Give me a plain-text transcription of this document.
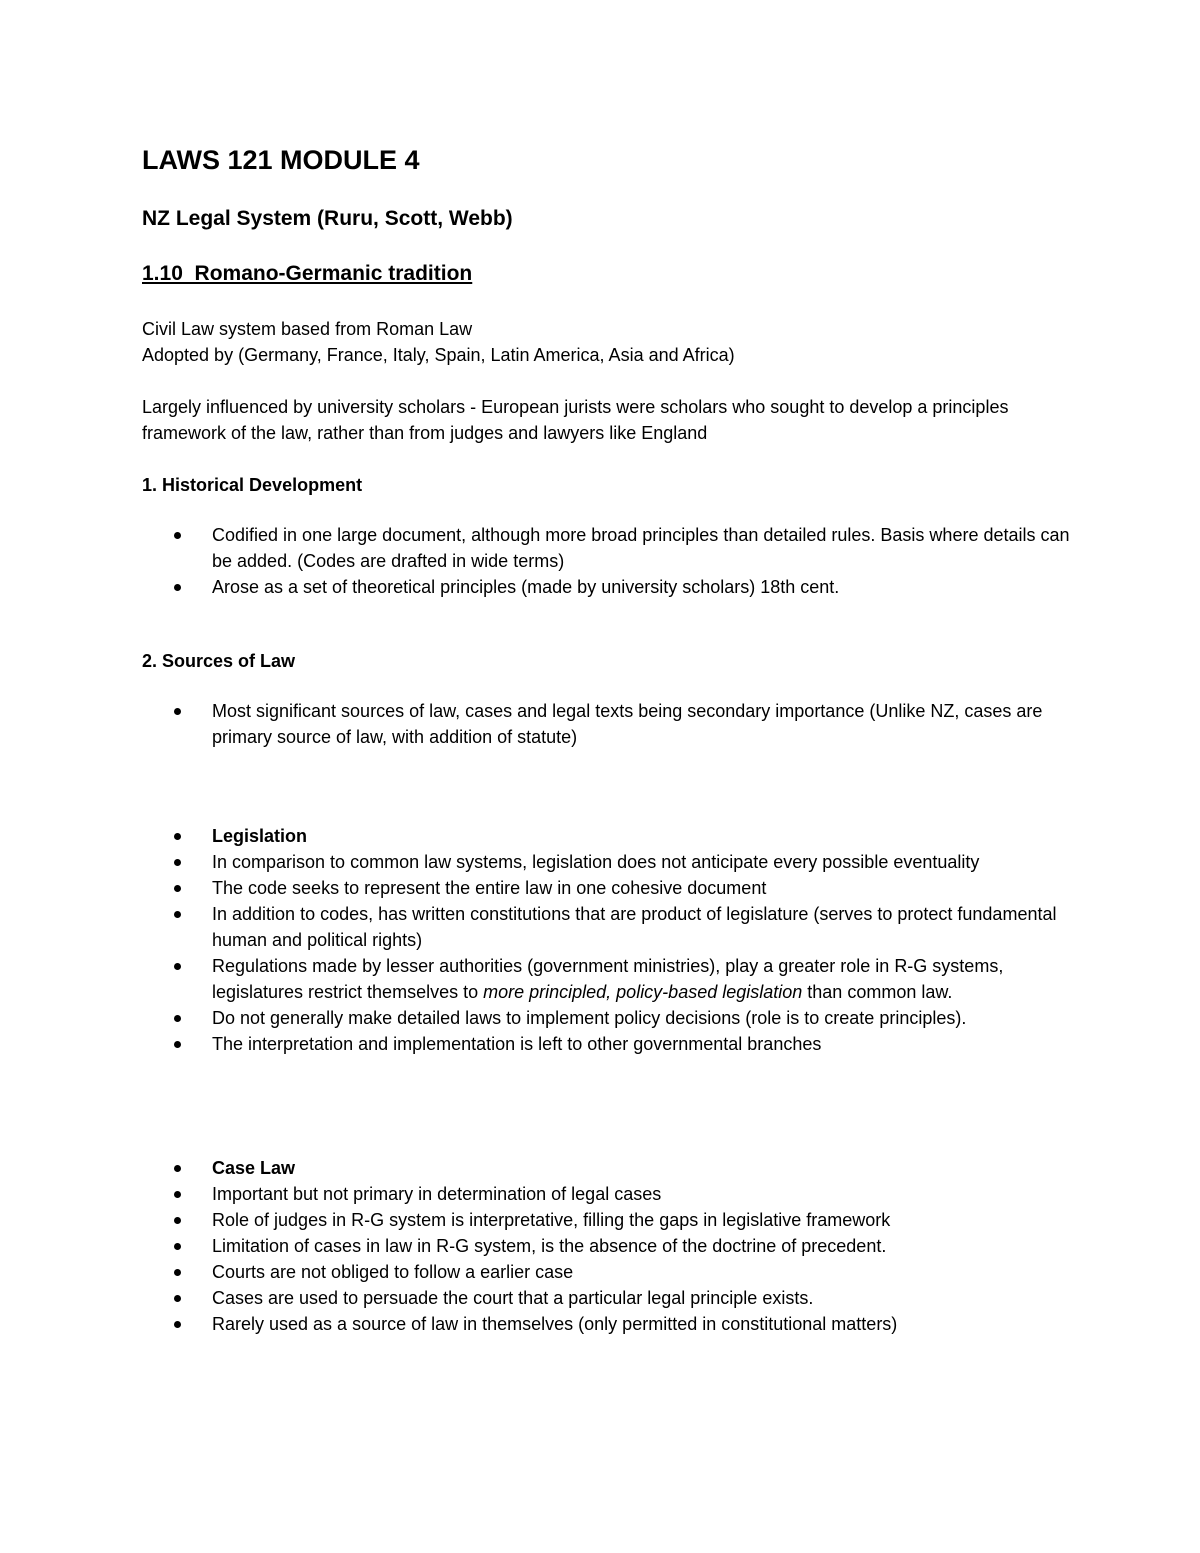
LAWS 121 MODULE 4
NZ Legal System (Ruru, Scott, Webb)
1.10  Romano-Germanic tradition

Civil Law system based from Roman Law

Adopted by (Germany, France, Italy, Spain, Latin America, Asia and Africa)

Largely influenced by university scholars - European jurists were scholars who sought to develop a principles framework of the law, rather than from judges and lawyers like England

1. Historical Development

Codified in one large document, although more broad principles than detailed rules. Basis where details can be added. (Codes are drafted in wide terms)
Arose as a set of theoretical principles (made by university scholars) 18th cent.

2. Sources of Law

Most significant sources of law, cases and legal texts being secondary importance (Unlike NZ, cases are primary source of law, with addition of statute)
Legislation
In comparison to common law systems, legislation does not anticipate every possible eventuality
The code seeks to represent the entire law in one cohesive document
In addition to codes, has written constitutions that are product of legislature (serves to protect fundamental human and political rights)
Regulations made by lesser authorities (government ministries), play a greater role in R-G systems, legislatures restrict themselves to more principled, policy-based legislation than common law.
Do not generally make detailed laws to implement policy decisions (role is to create principles).
The interpretation and implementation is left to other governmental branches
Case Law
Important but not primary in determination of legal cases
Role of judges in R-G system is interpretative, filling the gaps in legislative framework
Limitation of cases in law in R-G system, is the absence of the doctrine of precedent.
Courts are not obliged to follow a earlier case
Cases are used to persuade the court that a particular legal principle exists.
Rarely used as a source of law in themselves (only permitted in constitutional matters)
